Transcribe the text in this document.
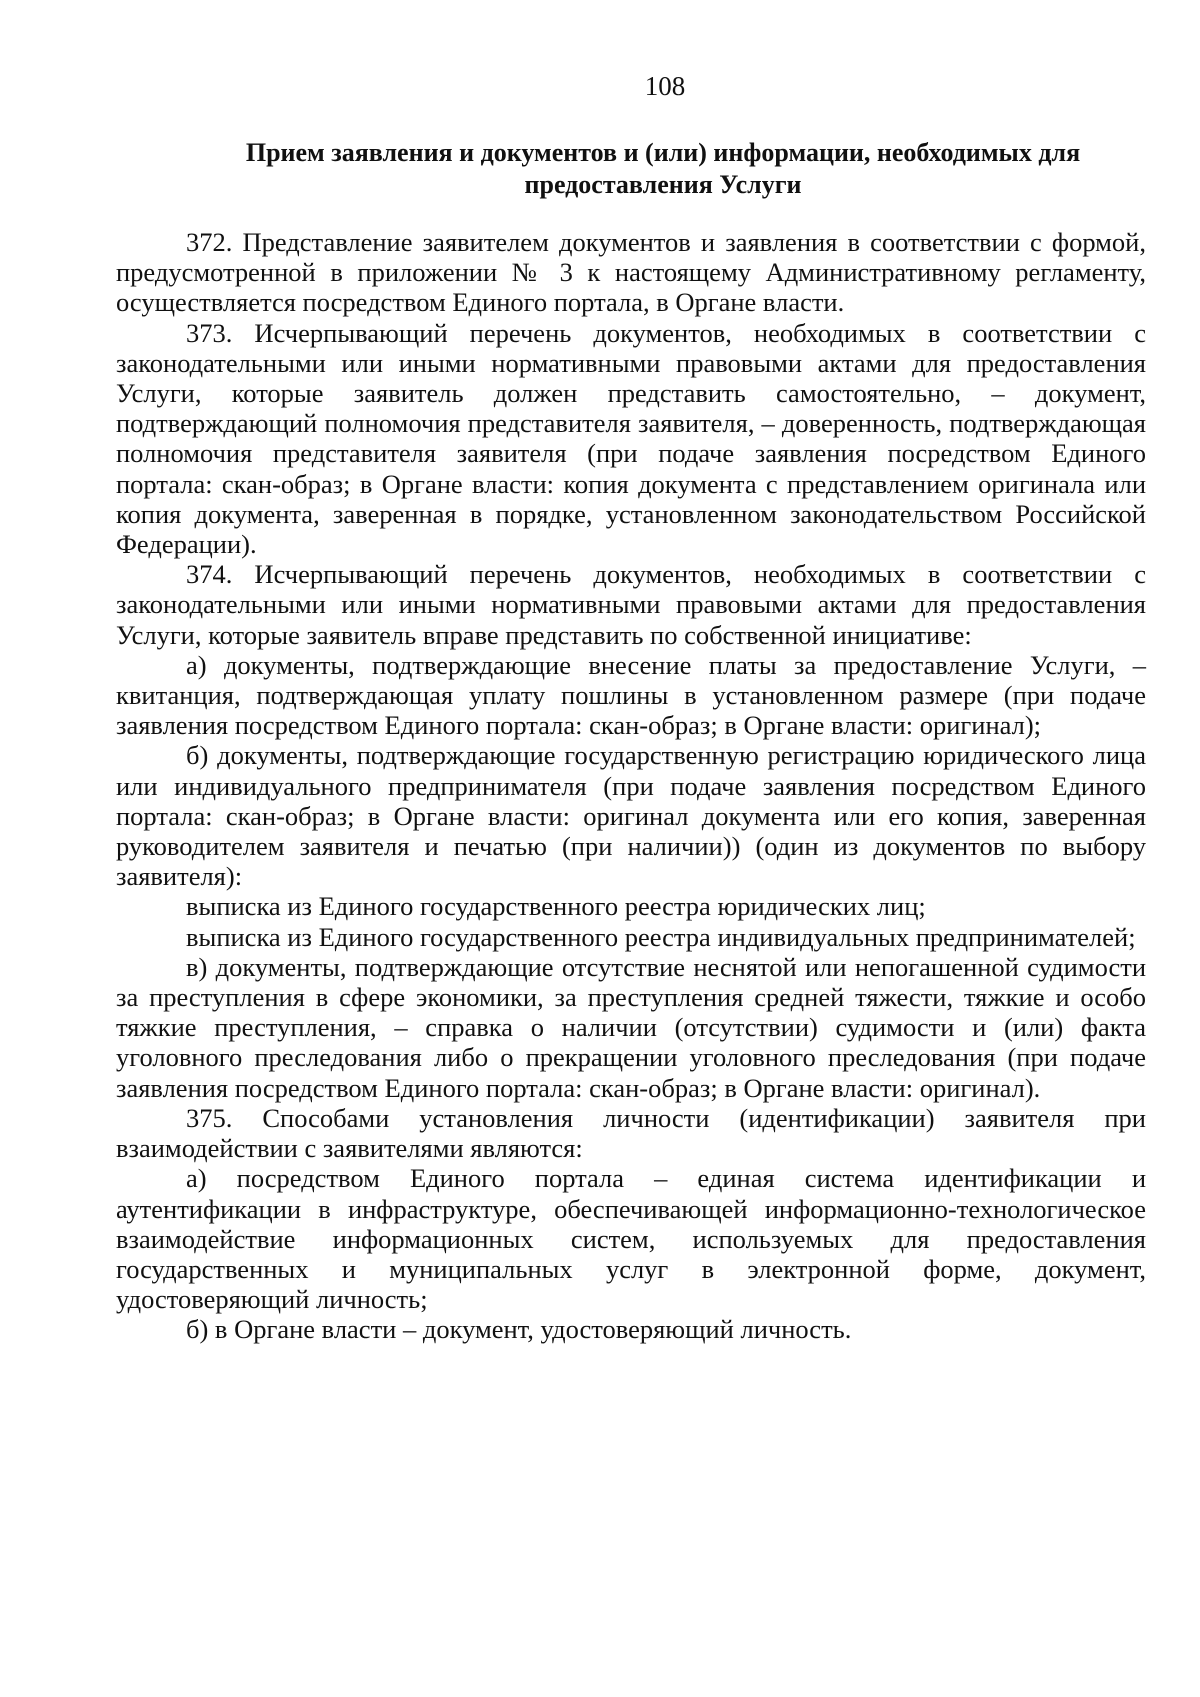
108
Прием заявления и документов и (или) информации, необходимых для
предоставления Услуги

372. Представление заявителем документов и заявления в соответствии с формой, предусмотренной в приложении № 3 к настоящему Административному регламенту, осуществляется посредством Единого портала, в Органе власти.

373. Исчерпывающий перечень документов, необходимых в соответствии с законодательными или иными нормативными правовыми актами для предоставления Услуги, которые заявитель должен представить самостоятельно, – документ, подтверждающий полномочия представителя заявителя, – доверенность, подтверждающая полномочия представителя заявителя (при подаче заявления посредством Единого портала: скан-образ; в Органе власти: копия документа с представлением оригинала или копия документа, заверенная в порядке, установленном законодательством Российской Федерации).

374. Исчерпывающий перечень документов, необходимых в соответствии с законодательными или иными нормативными правовыми актами для предоставления Услуги, которые заявитель вправе представить по собственной инициативе:

а) документы, подтверждающие внесение платы за предоставление Услуги, – квитанция, подтверждающая уплату пошлины в установленном размере (при подаче заявления посредством Единого портала: скан-образ; в Органе власти: оригинал);

б) документы, подтверждающие государственную регистрацию юридического лица или индивидуального предпринимателя (при подаче заявления посредством Единого портала: скан-образ; в Органе власти: оригинал документа или его копия, заверенная руководителем заявителя и печатью (при наличии)) (один из документов по выбору заявителя):

выписка из Единого государственного реестра юридических лиц;

выписка из Единого государственного реестра индивидуальных предпринимателей;

в) документы, подтверждающие отсутствие неснятой или непогашенной судимости за преступления в сфере экономики, за преступления средней тяжести, тяжкие и особо тяжкие преступления, – справка о наличии (отсутствии) судимости и (или) факта уголовного преследования либо о прекращении уголовного преследования (при подаче заявления посредством Единого портала: скан-образ; в Органе власти: оригинал).

375. Способами установления личности (идентификации) заявителя при взаимодействии с заявителями являются:

а) посредством Единого портала – единая система идентификации и аутентификации в инфраструктуре, обеспечивающей информационно-технологическое взаимодействие информационных систем, используемых для предоставления государственных и муниципальных услуг в электронной форме, документ, удостоверяющий личность;

б) в Органе власти – документ, удостоверяющий личность.
